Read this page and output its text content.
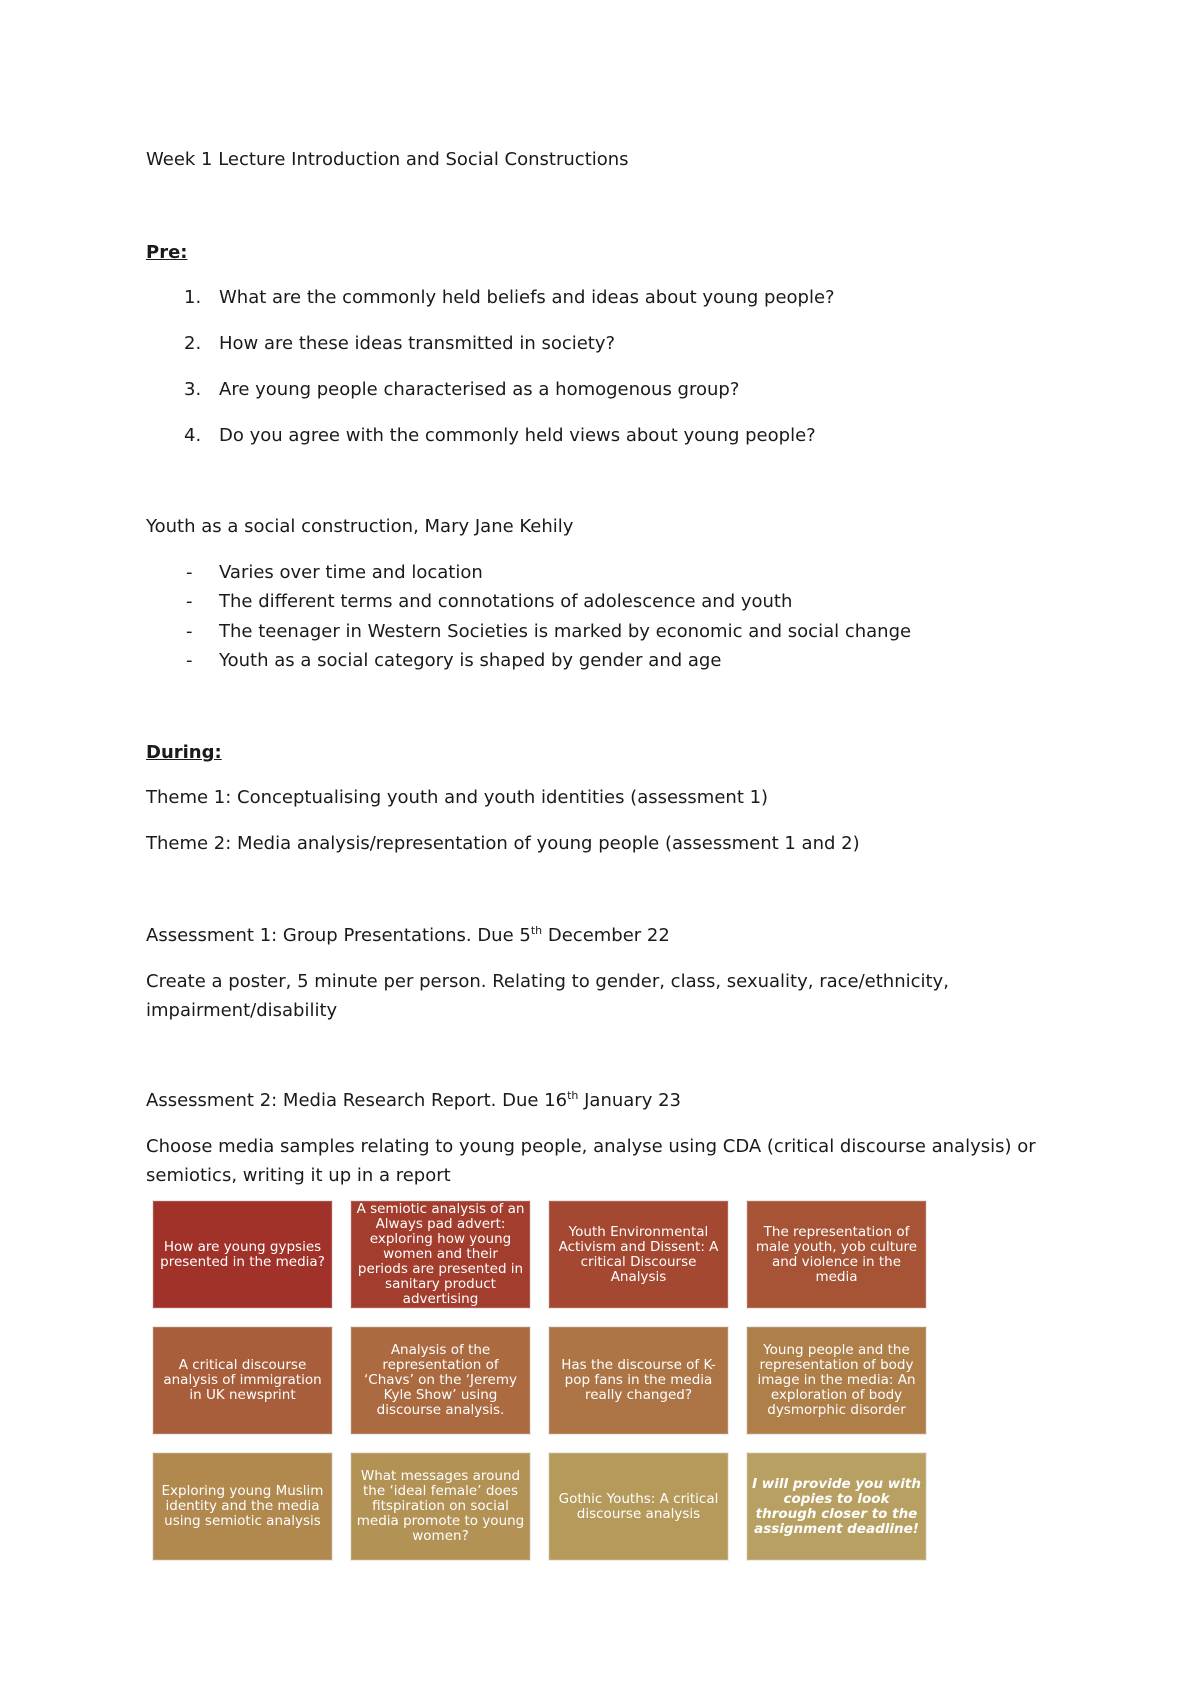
Week 1 Lecture Introduction and Social Constructions
Pre:
1. What are the commonly held beliefs and ideas about young people?
2. How are these ideas transmitted in society?
3. Are young people characterised as a homogenous group?
4. Do you agree with the commonly held views about young people?
Youth as a social construction, Mary Jane Kehily
- Varies over time and location
- The different terms and connotations of adolescence and youth
- The teenager in Western Societies is marked by economic and social change
- Youth as a social category is shaped by gender and age
During:
Theme 1: Conceptualising youth and youth identities (assessment 1)
Theme 2: Media analysis/representation of young people (assessment 1 and 2)
Assessment 1: Group Presentations. Due 5th December 22
Create a poster, 5 minute per person. Relating to gender, class, sexuality, race/ethnicity,
impairment/disability
Assessment 2: Media Research Report. Due 16th January 23
Choose media samples relating to young people, analyse using CDA (critical discourse analysis) or
semiotics, writing it up in a report
How are young gypsies presented in the media?
A semiotic analysis of an Always pad advert: exploring how young women and their periods are presented in sanitary product advertising
Youth Environmental Activism and Dissent: A critical Discourse Analysis
The representation of male youth, yob culture and violence in the media
A critical discourse analysis of immigration in UK newsprint
Analysis of the representation of ‘Chavs’ on the ‘Jeremy Kyle Show’ using discourse analysis.
Has the discourse of K-pop fans in the media really changed?
Young people and the representation of body image in the media: An exploration of body dysmorphic disorder
Exploring young Muslim identity and the media using semiotic analysis
What messages around the ‘ideal female’ does fitspiration on social media promote to young women?
Gothic Youths: A critical discourse analysis
I will provide you with copies to look through closer to the assignment deadline!
